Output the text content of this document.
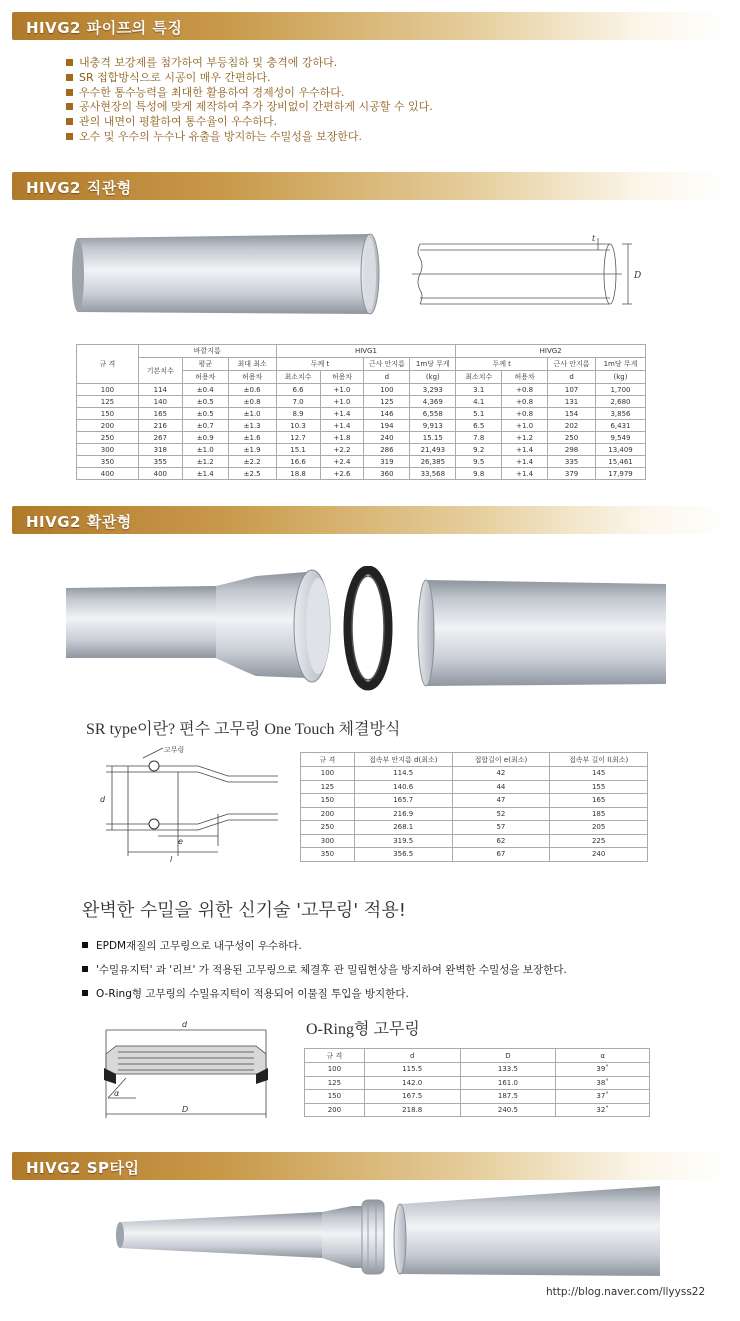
HIVG2 파이프의 특징
내충격 보강제를 첨가하여 부등침하 및 충격에 강하다.
SR 접합방식으로 시공이 매우 간편하다.
우수한 통수능력을 최대한 활용하여 경제성이 우수하다.
공사현장의 특성에 맞게 제작하여 추가 장비없이 간편하게 시공할 수 있다.
관의 내면이 평활하여 통수율이 우수하다.
오수 및 우수의 누수나 유출을 방지하는 수밀성을 보장한다.
HIVG2 직관형
t
D
규 격	바깥지름			HIVG1				HIVG2			
	기본치수	평균	최대 최소	두께 t		근사 안지름	1m당 무게	두께 t		근사 안지름	1m당 무게
		허용차	허용차	최소치수	허용차	d	(kg)	최소치수	허용차	d	(kg)
100	114	±0.4	±0.6	6.6	+1.0	100	3,293	3.1	+0.8	107	1,700
125	140	±0.5	±0.8	7.0	+1.0	125	4,369	4.1	+0.8	131	2,680
150	165	±0.5	±1.0	8.9	+1.4	146	6,558	5.1	+0.8	154	3,856
200	216	±0.7	±1.3	10.3	+1.4	194	9,913	6.5	+1.0	202	6,431
250	267	±0.9	±1.6	12.7	+1.8	240	15.15	7.8	+1.2	250	9,549
300	318	±1.0	±1.9	15.1	+2.2	286	21,493	9.2	+1.4	298	13,409
350	355	±1.2	±2.2	16.6	+2.4	319	26,385	9.5	+1.4	335	15,461
400	400	±1.4	±2.5	18.8	+2.6	360	33,568	9.8	+1.4	379	17,979
HIVG2 확관형
SR type이란? 편수 고무링 One Touch 체결방식
고무링
d
e
l
규 격	접속부 안지름 d(최소)	접합길이 e(최소)	접속부 길이 l(최소)
100	114.5	42	145
125	140.6	44	155
150	165.7	47	165
200	216.9	52	185
250	268.1	57	205
300	319.5	62	225
350	356.5	67	240
완벽한 수밀을 위한 신기술 '고무링' 적용!
EPDM재질의 고무링으로 내구성이 우수하다.
'수밀유지턱' 과 '리브' 가 적용된 고무링으로 체결후 관 밀림현상을 방지하여 완벽한 수밀성을 보장한다.
O-Ring형 고무링의 수밀유지턱이 적용되어 이물질 투입을 방지한다.
O-Ring형 고무링
d
D
α
규 격	d	D	α
100	115.5	133.5	39˚
125	142.0	161.0	38˚
150	167.5	187.5	37˚
200	218.8	240.5	32˚
HIVG2 SP타입
http://blog.naver.com/llyyss22
